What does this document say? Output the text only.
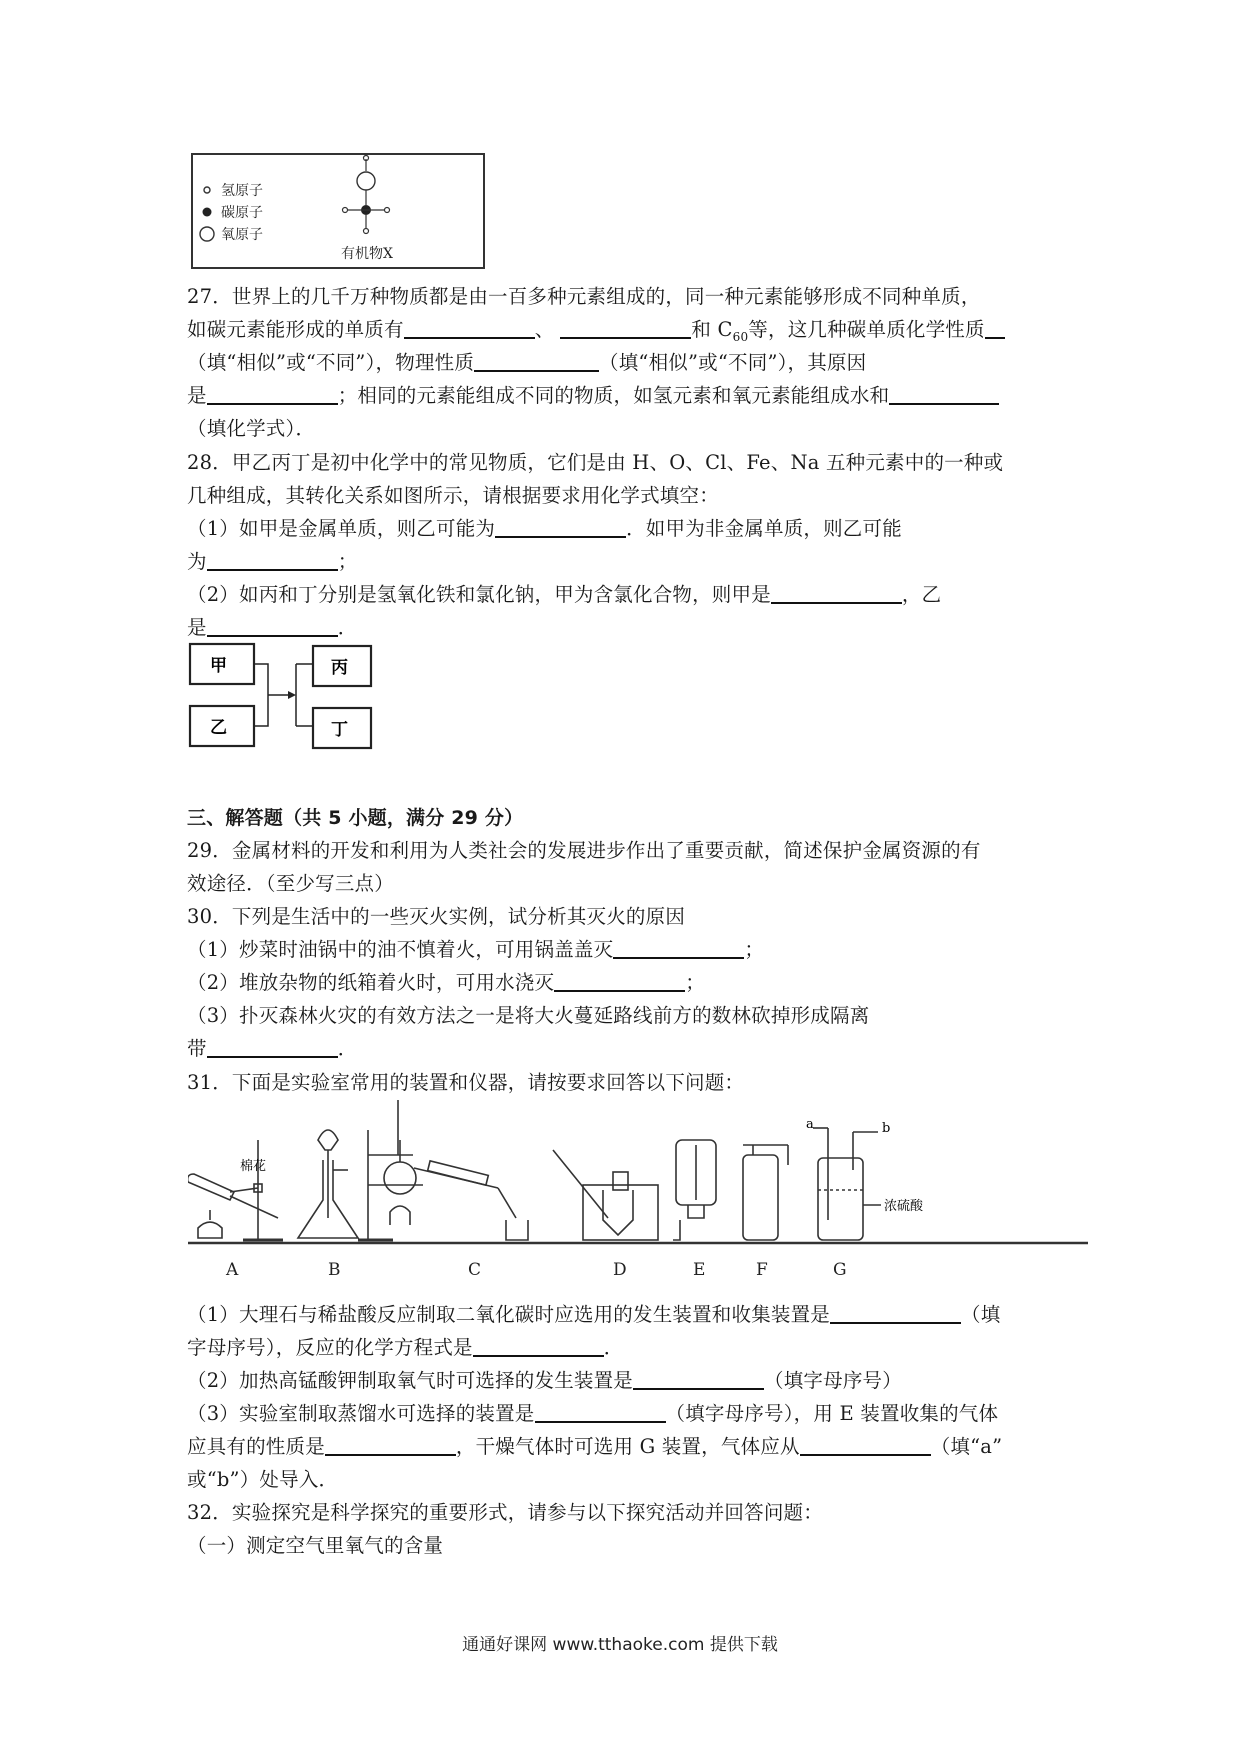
氢原子
碳原子
氧原子
有机物X
27．世界上的几千万种物质都是由一百多种元素组成的，同一种元素能够形成不同种单质，
如碳元素能形成的单质有	、	和 $C_{60}$等，这几种碳单质化学性质
（填“相似”或“不同”），物理性质	（填“相似”或“不同”），其原因
是	；相同的元素能组成不同的物质，如氢元素和氧元素能组成水和
（填化学式）．
28．甲乙丙丁是初中化学中的常见物质，它们是由 H、O、Cl、Fe、Na 五种元素中的一种或
几种组成，其转化关系如图所示，请根据要求用化学式填空：
（1）如甲是金属单质，则乙可能为	．如甲为非金属单质，则乙可能
为	；
（2）如丙和丁分别是氢氧化铁和氯化钠，甲为含氯化合物，则甲是	，乙
是	．
甲
乙
丙
丁
三、解答题（共 5 小题，满分 29 分）
29．金属材料的开发和利用为人类社会的发展进步作出了重要贡献，简述保护金属资源的有
效途径．（至少写三点）
30．下列是生活中的一些灭火实例，试分析其灭火的原因
（1）炒菜时油锅中的油不慎着火，可用锅盖盖灭	；
（2）堆放杂物的纸箱着火时，可用水浇灭	；
（3）扑灭森林火灾的有效方法之一是将大火蔓延路线前方的数林砍掉形成隔离
带	．
31．下面是实验室常用的装置和仪器，请按要求回答以下问题：
棉花
浓硫酸
a	b
A	B	C	D	E	F	G
（1）大理石与稀盐酸反应制取二氧化碳时应选用的发生装置和收集装置是	（填
字母序号），反应的化学方程式是	．
（2）加热高锰酸钾制取氧气时可选择的发生装置是	（填字母序号）
（3）实验室制取蒸馏水可选择的装置是	（填字母序号），用 E 装置收集的气体
应具有的性质是	，干燥气体时可选用 G 装置，气体应从	（填“a”
或“b”）处导入．
32．实验探究是科学探究的重要形式，请参与以下探究活动并回答问题：
（一）测定空气里氧气的含量
通通好课网 www.tthaoke.com 提供下载
